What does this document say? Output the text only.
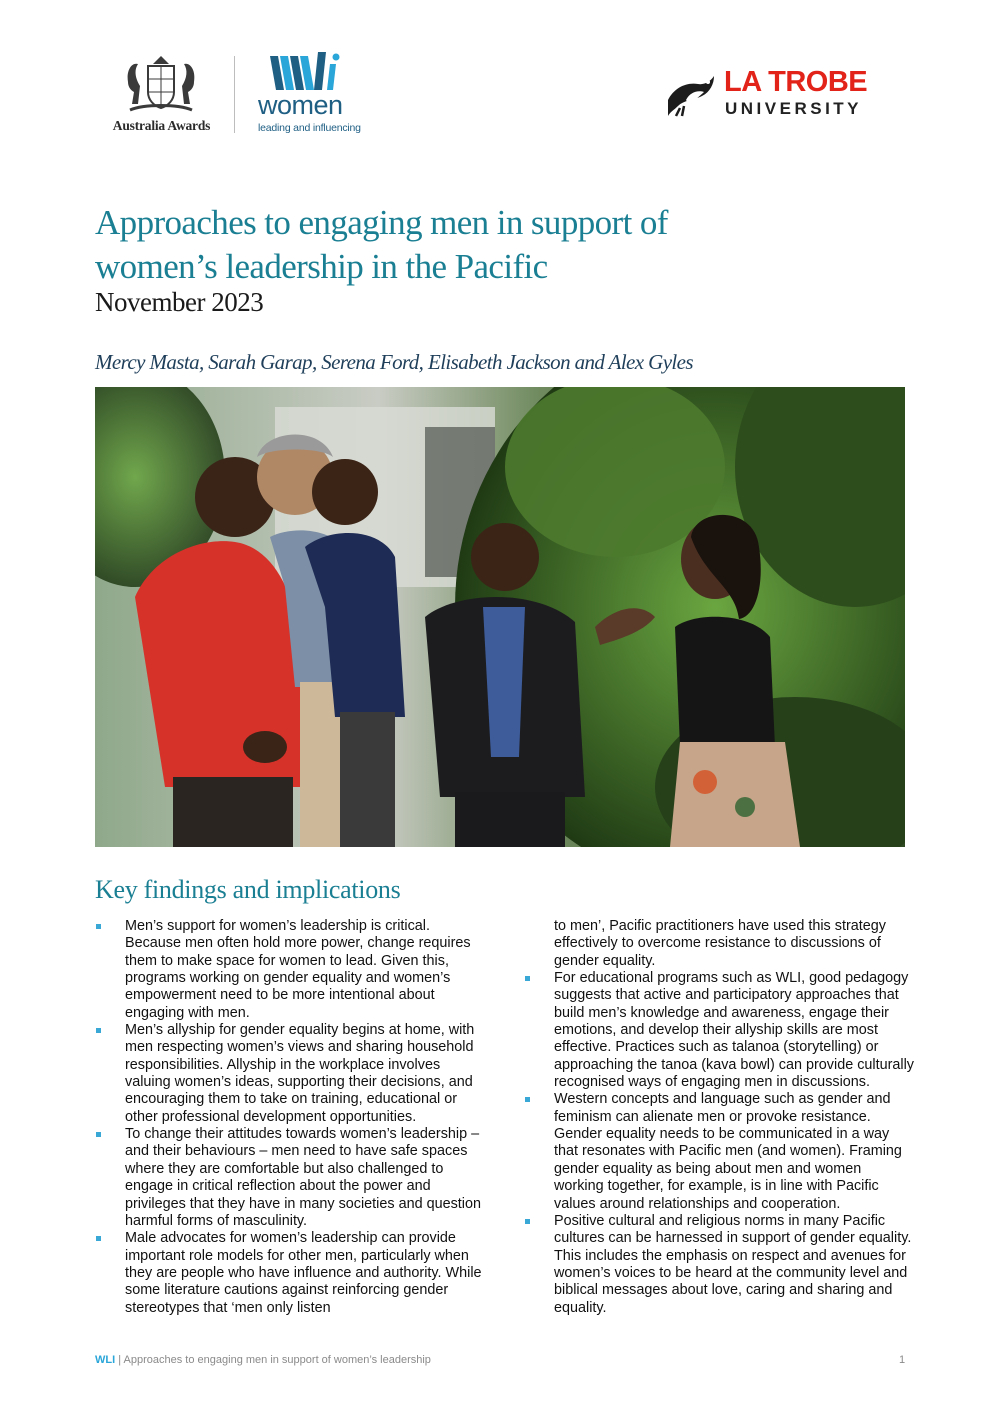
Australia Awards
women
leading and influencing
LA TROBE
UNIVERSITY
Approaches to engaging men in support of
women’s leadership in the Pacific
November 2023
Mercy Masta, Sarah Garap, Serena Ford, Elisabeth Jackson and Alex Gyles
Key findings and implications
Men’s support for women’s leadership is critical. Because men often hold more power, change requires them to make space for women to lead. Given this, programs working on gender equality and women’s empowerment need to be more intentional about engaging with men.
Men’s allyship for gender equality begins at home, with men respecting women’s views and sharing household responsibilities. Allyship in the workplace involves valuing women’s ideas, supporting their decisions, and encouraging them to take on training, educational or other professional development opportunities.
To change their attitudes towards women’s leadership – and their behaviours – men need to have safe spaces where they are comfortable but also challenged to engage in critical reflection about the power and privileges that they have in many societies and question harmful forms of masculinity.
Male advocates for women’s leadership can provide important role models for other men, particularly when they are people who have influence and authority. While some literature cautions against reinforcing gender stereotypes that ‘men only listen
to men’, Pacific practitioners have used this strategy effectively to overcome resistance to discussions of gender equality.
For educational programs such as WLI, good pedagogy suggests that active and participatory approaches that build men’s knowledge and awareness, engage their emotions, and develop their allyship skills are most effective. Practices such as talanoa (storytelling) or approaching the tanoa (kava bowl) can provide culturally recognised ways of engaging men in discussions.
Western concepts and language such as gender and feminism can alienate men or provoke resistance. Gender equality needs to be communicated in a way that resonates with Pacific men (and women). Framing gender equality as being about men and women working together, for example, is in line with Pacific values around relationships and cooperation.
Positive cultural and religious norms in many Pacific cultures can be harnessed in support of gender equality. This includes the emphasis on respect and avenues for women’s voices to be heard at the community level and biblical messages about love, caring and sharing and equality.
WLI | Approaches to engaging men in support of women’s leadership	1
